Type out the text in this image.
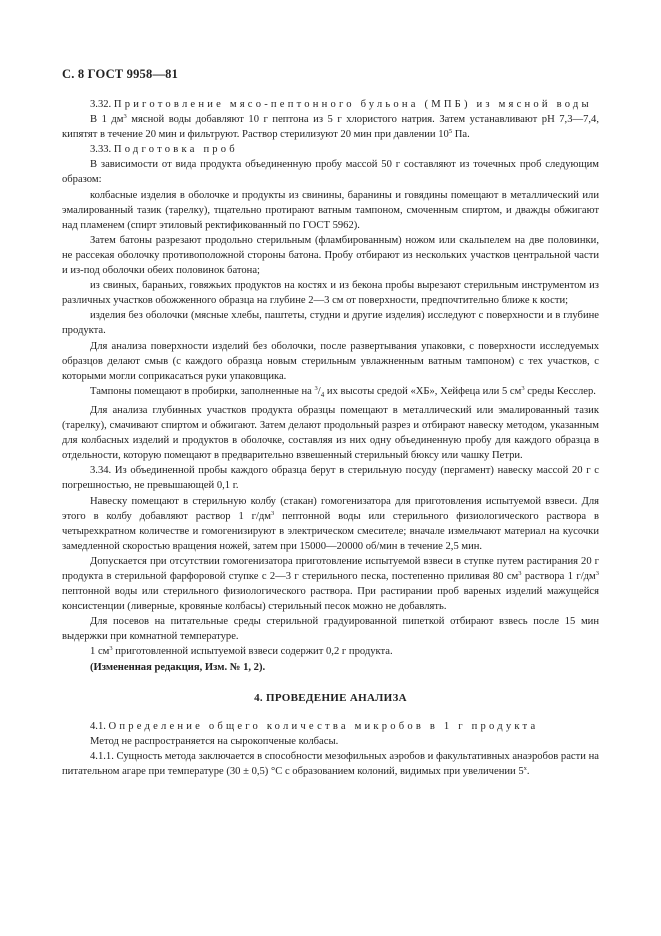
С. 8 ГОСТ 9958—81

3.32. Приготовление мясо-пептонного бульона (МПБ) из мясной воды

В 1 $дм^3$ мясной воды добавляют 10 г пептона из 5 г хлористого натрия. Затем устанавливают pH 7,3—7,4, кипятят в течение 20 мин и фильтруют. Раствор стерилизуют 20 мин при давлении $10^5$ Па.

3.33. Подготовка проб

В зависимости от вида продукта объединенную пробу массой 50 г составляют из точечных проб следующим образом:

колбасные изделия в оболочке и продукты из свинины, баранины и говядины помещают в металлический или эмалированный тазик (тарелку), тщательно протирают ватным тампоном, смоченным спиртом, и дважды обжигают над пламенем (спирт этиловый ректификованный по ГОСТ 5962).

Затем батоны разрезают продольно стерильным (фламбированным) ножом или скальпелем на две половинки, не рассекая оболочку противоположной стороны батона. Пробу отбирают из нескольких участков центральной части и из-под оболочки обеих половинок батона;

из свиных, бараньих, говяжьих продуктов на костях и из бекона пробы вырезают стерильным инструментом из различных участков обожженного образца на глубине 2—3 см от поверхности, предпочтительно ближе к кости;

изделия без оболочки (мясные хлебы, паштеты, студни и другие изделия) исследуют с поверхности и в глубине продукта.

Для анализа поверхности изделий без оболочки, после развертывания упаковки, с поверхности исследуемых образцов делают смыв (с каждого образца новым стерильным увлажненным ватным тампоном) с тех участков, с которыми могли соприкасаться руки упаковщика.

Тампоны помещают в пробирки, заполненные на $^3/_4$ их высоты средой «ХБ», Хейфеца или 5 $см^3$ среды Кесслер.

Для анализа глубинных участков продукта образцы помещают в металлический или эмалированный тазик (тарелку), смачивают спиртом и обжигают. Затем делают продольный разрез и отбирают навеску методом, указанным для колбасных изделий и продуктов в оболочке, составляя из них одну объединенную пробу для каждого образца в отдельности, которую помещают в предварительно взвешенный стерильный бюксу или чашку Петри.

3.34. Из объединенной пробы каждого образца берут в стерильную посуду (пергамент) навеску массой 20 г с погрешностью, не превышающей 0,1 г.

Навеску помещают в стерильную колбу (стакан) гомогенизатора для приготовления испытуемой взвеси. Для этого в колбу добавляют раствор 1 $г/дм^3$ пептонной воды или стерильного физиологического раствора в четырехкратном количестве и гомогенизируют в электрическом смесителе; вначале измельчают материал на кусочки замедленной скоростью вращения ножей, затем при 15000—20000 об/мин в течение 2,5 мин.

Допускается при отсутствии гомогенизатора приготовление испытуемой взвеси в ступке путем растирания 20 г продукта в стерильной фарфоровой ступке с 2—3 г стерильного песка, постепенно приливая 80 $см^3$ раствора 1 $г/дм^3$ пептонной воды или стерильного физиологического раствора. При растирании проб вареных изделий мажущейся консистенции (ливерные, кровяные колбасы) стерильный песок можно не добавлять.

Для посевов на питательные среды стерильной градуированной пипеткой отбирают взвесь после 15 мин выдержки при комнатной температуре.

1 $см^3$ приготовленной испытуемой взвеси содержит 0,2 г продукта.

(Измененная редакция, Изм. № 1, 2).

4. ПРОВЕДЕНИЕ АНАЛИЗА

4.1. Определение общего количества микробов в 1 г продукта

Метод не распространяется на сырокопченые колбасы.

4.1.1. Сущность метода заключается в способности мезофильных аэробов и факультативных анаэробов расти на питательном агаре при температуре (30 ± 0,5) °С с образованием колоний, видимых при увеличении 5$^x$.
